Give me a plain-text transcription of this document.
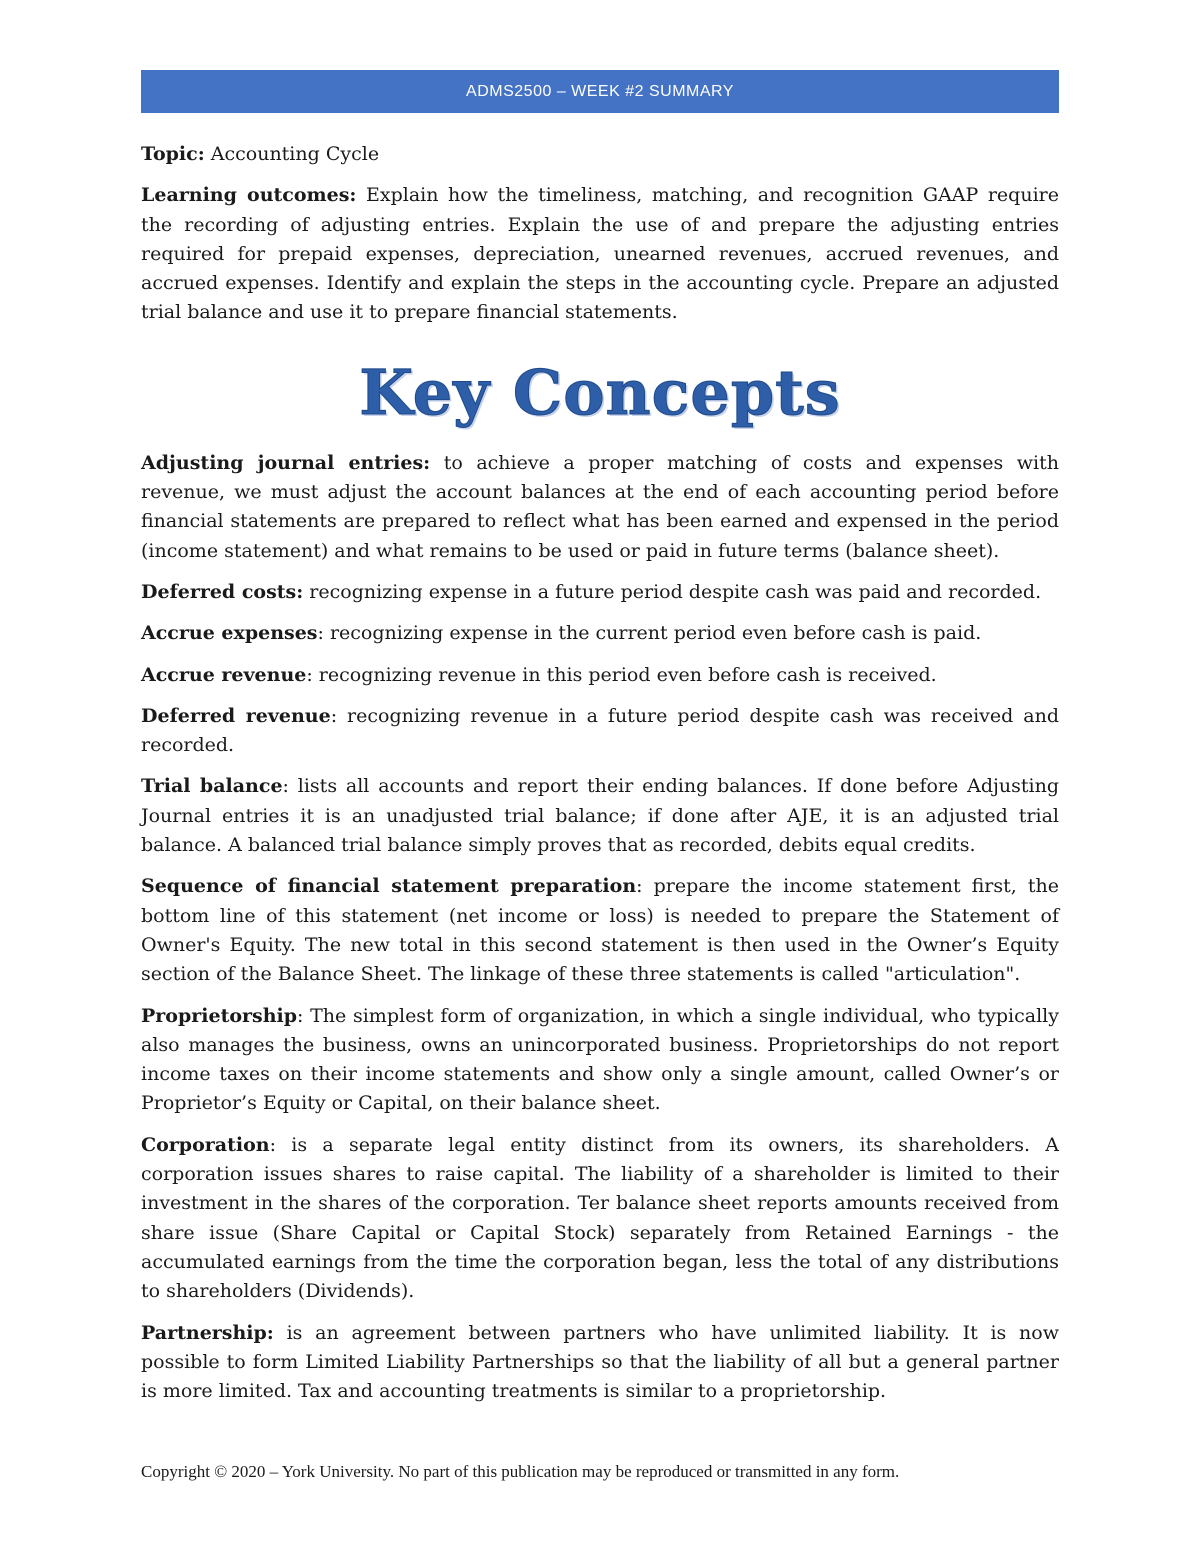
ADMS2500 – WEEK #2 SUMMARY

Topic: Accounting Cycle

Learning outcomes: Explain how the timeliness, matching, and recognition GAAP require the recording of adjusting entries. Explain the use of and prepare the adjusting entries required for prepaid expenses, depreciation, unearned revenues, accrued revenues, and accrued expenses. Identify and explain the steps in the accounting cycle. Prepare an adjusted trial balance and use it to prepare financial statements.

Key Concepts

Adjusting journal entries: to achieve a proper matching of costs and expenses with revenue, we must adjust the account balances at the end of each accounting period before financial statements are prepared to reflect what has been earned and expensed in the period (income statement) and what remains to be used or paid in future terms (balance sheet).

Deferred costs: recognizing expense in a future period despite cash was paid and recorded.

Accrue expenses: recognizing expense in the current period even before cash is paid.

Accrue revenue: recognizing revenue in this period even before cash is received.

Deferred revenue: recognizing revenue in a future period despite cash was received and recorded.

Trial balance: lists all accounts and report their ending balances. If done before Adjusting Journal entries it is an unadjusted trial balance; if done after AJE, it is an adjusted trial balance. A balanced trial balance simply proves that as recorded, debits equal credits.

Sequence of financial statement preparation: prepare the income statement first, the bottom line of this statement (net income or loss) is needed to prepare the Statement of Owner's Equity. The new total in this second statement is then used in the Owner’s Equity section of the Balance Sheet. The linkage of these three statements is called "articulation".

Proprietorship: The simplest form of organization, in which a single individual, who typically also manages the business, owns an unincorporated business. Proprietorships do not report income taxes on their income statements and show only a single amount, called Owner’s or Proprietor’s Equity or Capital, on their balance sheet.

Corporation: is a separate legal entity distinct from its owners, its shareholders. A corporation issues shares to raise capital. The liability of a shareholder is limited to their investment in the shares of the corporation. Ter balance sheet reports amounts received from share issue (Share Capital or Capital Stock) separately from Retained Earnings - the accumulated earnings from the time the corporation began, less the total of any distributions to shareholders (Dividends).

Partnership: is an agreement between partners who have unlimited liability. It is now possible to form Limited Liability Partnerships so that the liability of all but a general partner is more limited. Tax and accounting treatments is similar to a proprietorship.

Copyright © 2020 – York University. No part of this publication may be reproduced or transmitted in any form.
